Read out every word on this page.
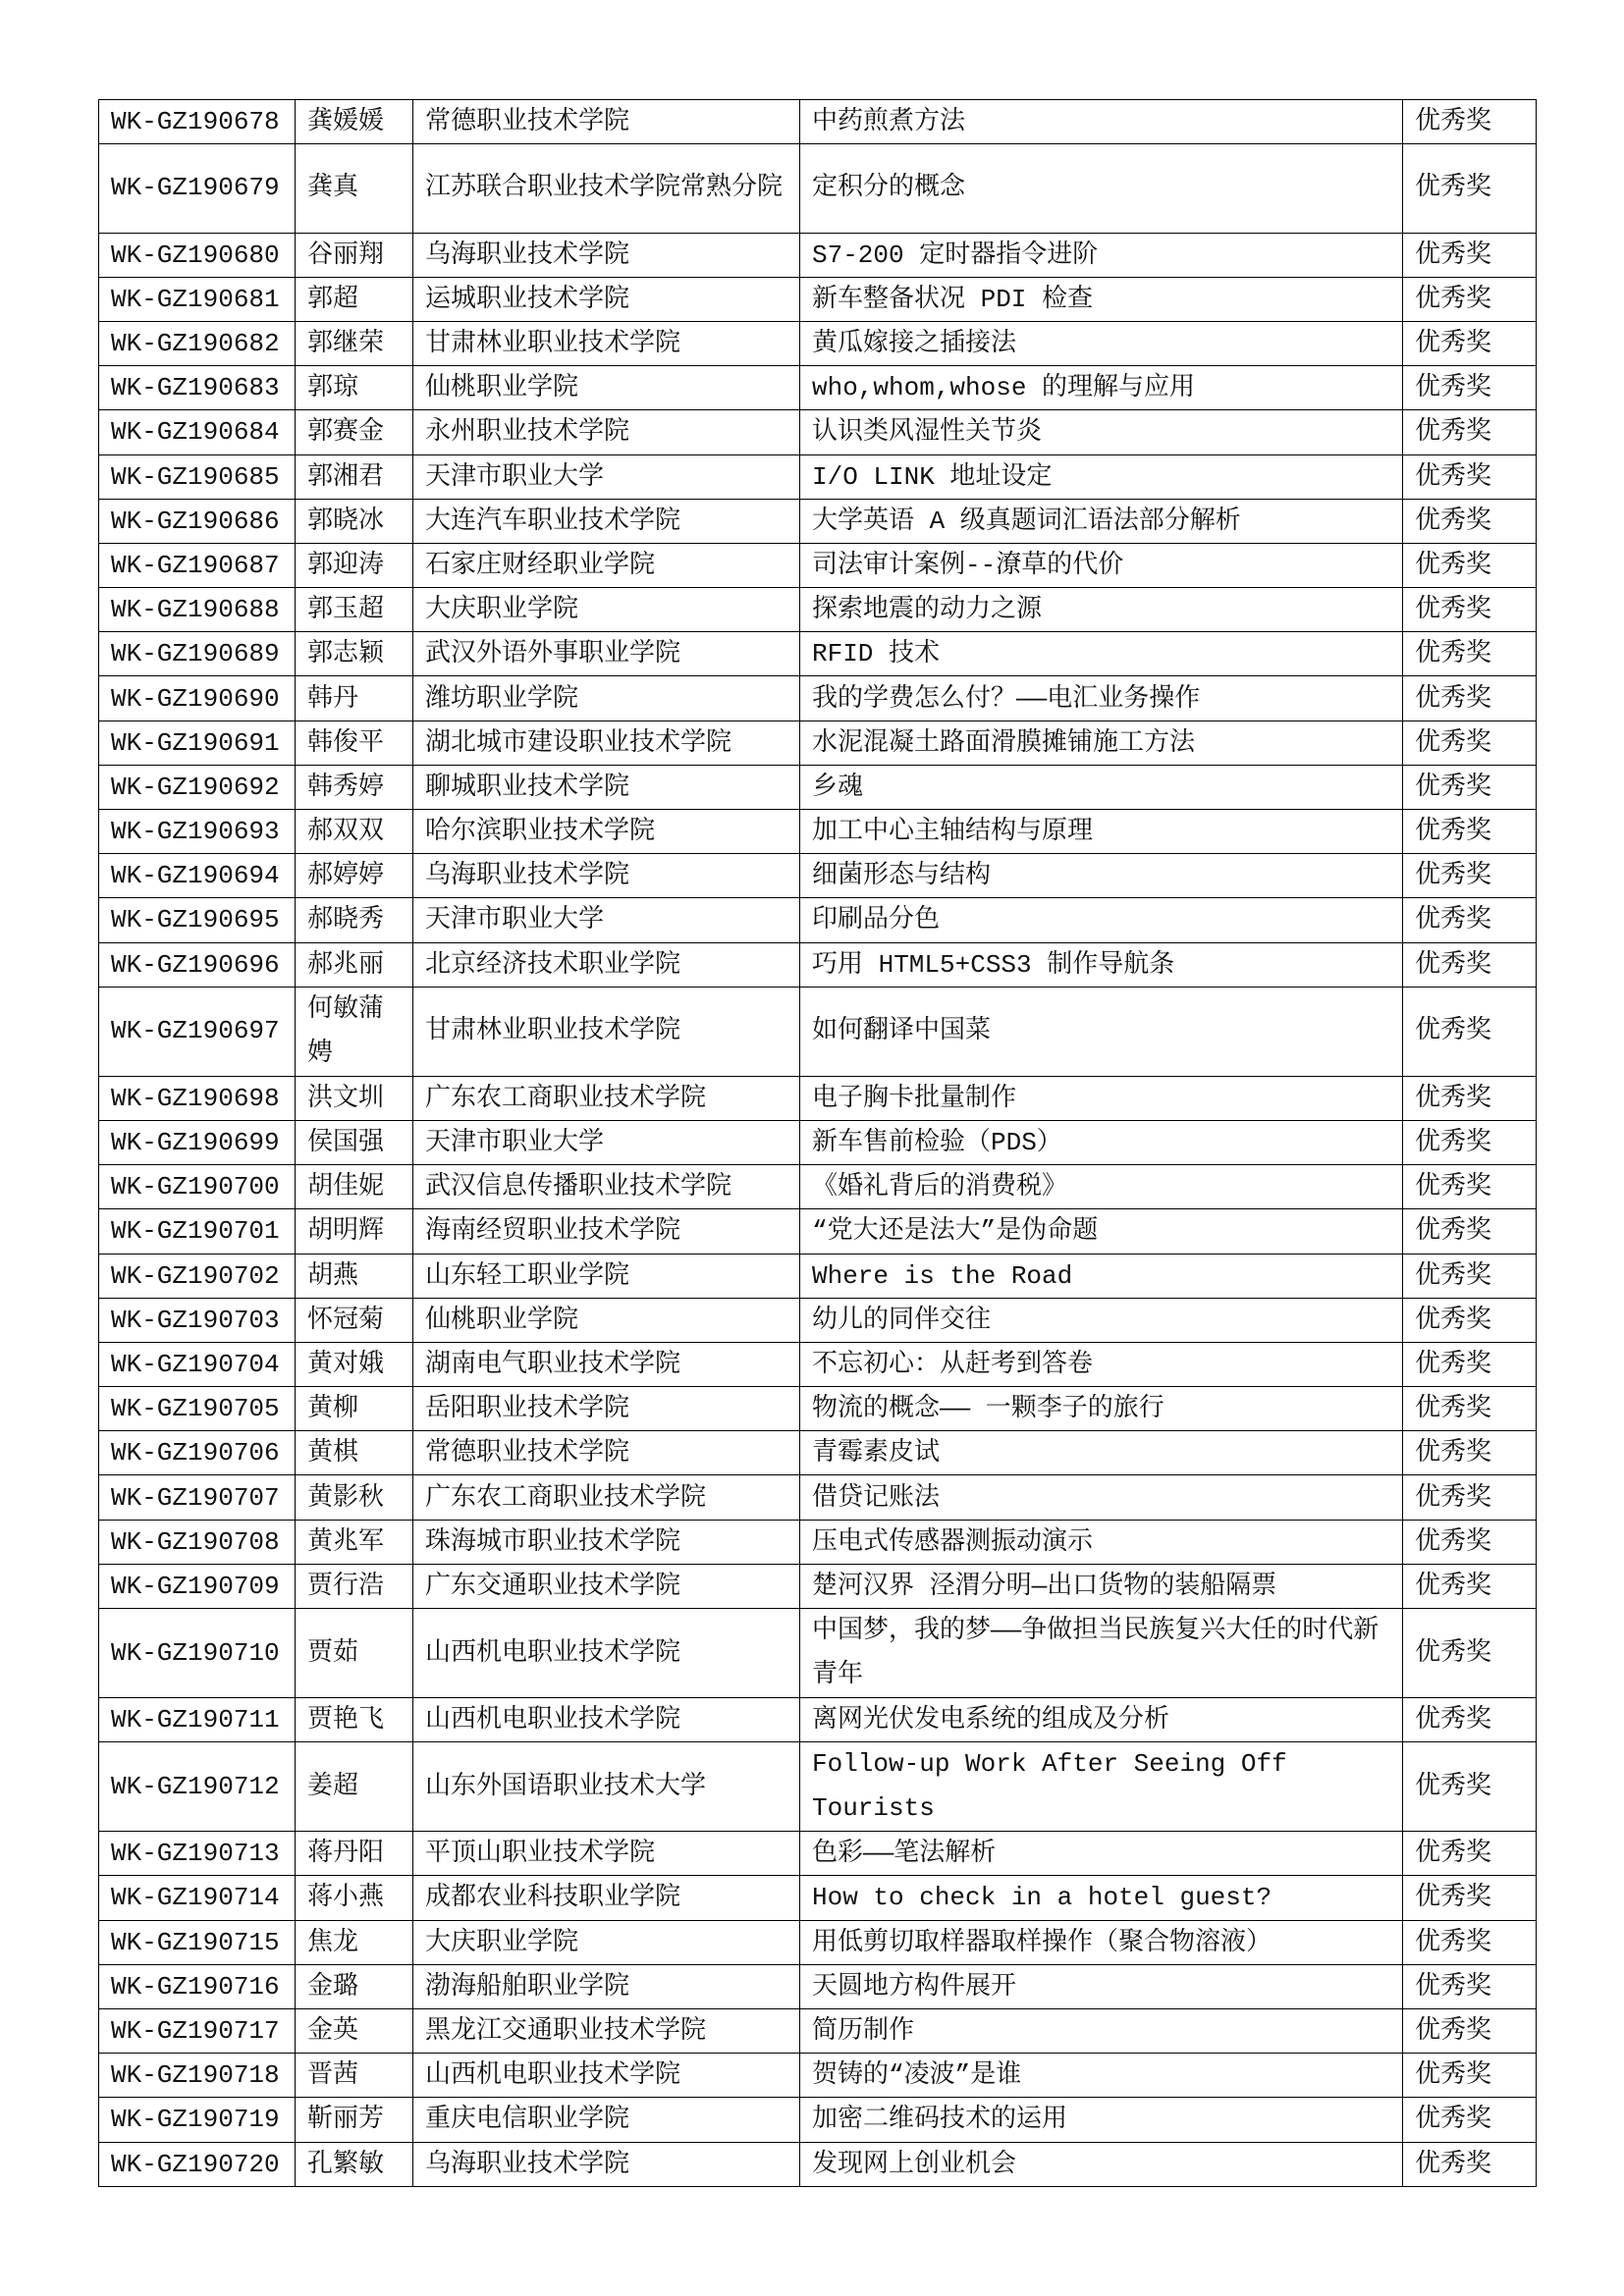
WK-GZ190678	龚媛媛	常德职业技术学院	中药煎煮方法	优秀奖
WK-GZ190679	龚真	江苏联合职业技术学院常熟分院	定积分的概念	优秀奖
WK-GZ190680	谷丽翔	乌海职业技术学院	S7-200 定时器指令进阶	优秀奖
WK-GZ190681	郭超	运城职业技术学院	新车整备状况 PDI 检查	优秀奖
WK-GZ190682	郭继荣	甘肃林业职业技术学院	黄瓜嫁接之插接法	优秀奖
WK-GZ190683	郭琼	仙桃职业学院	who,whom,whose 的理解与应用	优秀奖
WK-GZ190684	郭赛金	永州职业技术学院	认识类风湿性关节炎	优秀奖
WK-GZ190685	郭湘君	天津市职业大学	I/O LINK 地址设定	优秀奖
WK-GZ190686	郭晓冰	大连汽车职业技术学院	大学英语 A 级真题词汇语法部分解析	优秀奖
WK-GZ190687	郭迎涛	石家庄财经职业学院	司法审计案例--潦草的代价	优秀奖
WK-GZ190688	郭玉超	大庆职业学院	探索地震的动力之源	优秀奖
WK-GZ190689	郭志颖	武汉外语外事职业学院	RFID 技术	优秀奖
WK-GZ190690	韩丹	潍坊职业学院	我的学费怎么付？——电汇业务操作	优秀奖
WK-GZ190691	韩俊平	湖北城市建设职业技术学院	水泥混凝土路面滑膜摊铺施工方法	优秀奖
WK-GZ190692	韩秀婷	聊城职业技术学院	乡魂	优秀奖
WK-GZ190693	郝双双	哈尔滨职业技术学院	加工中心主轴结构与原理	优秀奖
WK-GZ190694	郝婷婷	乌海职业技术学院	细菌形态与结构	优秀奖
WK-GZ190695	郝晓秀	天津市职业大学	印刷品分色	优秀奖
WK-GZ190696	郝兆丽	北京经济技术职业学院	巧用 HTML5+CSS3 制作导航条	优秀奖
WK-GZ190697	何敏蒲娉	甘肃林业职业技术学院	如何翻译中国菜	优秀奖
WK-GZ190698	洪文圳	广东农工商职业技术学院	电子胸卡批量制作	优秀奖
WK-GZ190699	侯国强	天津市职业大学	新车售前检验（PDS）	优秀奖
WK-GZ190700	胡佳妮	武汉信息传播职业技术学院	《婚礼背后的消费税》	优秀奖
WK-GZ190701	胡明辉	海南经贸职业技术学院	“党大还是法大”是伪命题	优秀奖
WK-GZ190702	胡燕	山东轻工职业学院	Where is the Road	优秀奖
WK-GZ190703	怀冠菊	仙桃职业学院	幼儿的同伴交往	优秀奖
WK-GZ190704	黄对娥	湖南电气职业技术学院	不忘初心：从赶考到答卷	优秀奖
WK-GZ190705	黄柳	岳阳职业技术学院	物流的概念—— 一颗李子的旅行	优秀奖
WK-GZ190706	黄棋	常德职业技术学院	青霉素皮试	优秀奖
WK-GZ190707	黄影秋	广东农工商职业技术学院	借贷记账法	优秀奖
WK-GZ190708	黄兆军	珠海城市职业技术学院	压电式传感器测振动演示	优秀奖
WK-GZ190709	贾行浩	广东交通职业技术学院	楚河汉界 泾渭分明—出口货物的装船隔票	优秀奖
WK-GZ190710	贾茹	山西机电职业技术学院	中国梦，我的梦——争做担当民族复兴大任的时代新青年	优秀奖
WK-GZ190711	贾艳飞	山西机电职业技术学院	离网光伏发电系统的组成及分析	优秀奖
WK-GZ190712	姜超	山东外国语职业技术大学	Follow-up Work After Seeing Off Tourists	优秀奖
WK-GZ190713	蒋丹阳	平顶山职业技术学院	色彩——笔法解析	优秀奖
WK-GZ190714	蒋小燕	成都农业科技职业学院	How to check in a hotel guest?	优秀奖
WK-GZ190715	焦龙	大庆职业学院	用低剪切取样器取样操作（聚合物溶液）	优秀奖
WK-GZ190716	金璐	渤海船舶职业学院	天圆地方构件展开	优秀奖
WK-GZ190717	金英	黑龙江交通职业技术学院	简历制作	优秀奖
WK-GZ190718	晋茜	山西机电职业技术学院	贺铸的“凌波”是谁	优秀奖
WK-GZ190719	靳丽芳	重庆电信职业学院	加密二维码技术的运用	优秀奖
WK-GZ190720	孔繁敏	乌海职业技术学院	发现网上创业机会	优秀奖
